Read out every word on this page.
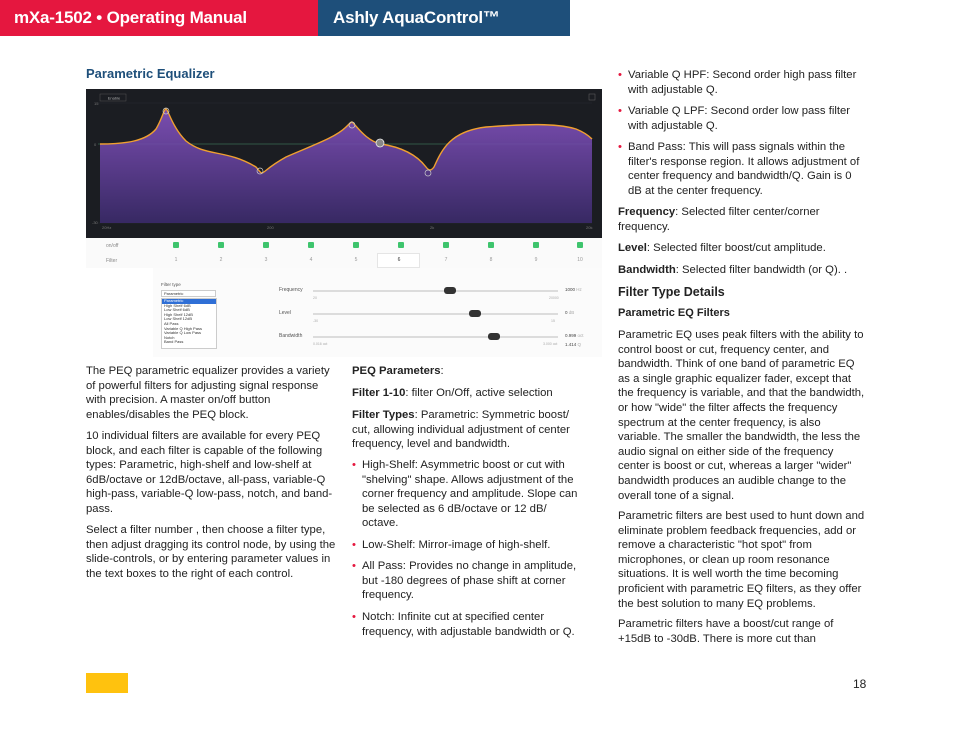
mXa-1502 • Operating Manual	Ashly AquaControl™ Software
Parametric Equalizer
Enable
15
0
-30
20Hz	200	2k	20k
on/off
Filter	1	2	3	4	5	6	7	8	9	10
Filter type
Parametric
Parametric
High Shelf 6dB
Low Shelf 6dB
High Shelf 12dB
Low Shelf 12dB
All Pass
Variable Q High Pass
Variable Q Low Pass
Notch
Band Pass
Frequency
20	20000
1000 Hz
Level
-30	15
0 dB
Bandwidth
0.016 oct	3.000 oct
0.999 oct
1.414 Q

The PEQ parametric equalizer provides a variety of powerful filters for adjusting signal response with precision. A master on/off button enables/disables the PEQ block.

10 individual filters are available for every PEQ block, and each filter is capable of the following types: Parametric, high-shelf and low-shelf at 6dB/octave or 12dB/octave, all-pass, variable-Q high-pass, variable-Q low-pass, notch, and band-pass.

Select a filter number , then choose a filter type, then adjust dragging its control node, by using the slide-controls, or by entering parameter values in the text boxes to the right of each control.

PEQ Parameters:

Filter 1-10: filter On/Off, active selection

Filter Types: Parametric: Symmetric boost/ cut, allowing individual adjustment of center frequency, level and bandwidth.

• High-Shelf: Asymmetric boost or cut with "shelving" shape. Allows adjustment of the corner frequency and amplitude. Slope can be selected as 6 dB/octave or 12 dB/ octave.
• Low-Shelf: Mirror-image of high-shelf.
• All Pass: Provides no change in amplitude, but -180 degrees of phase shift at corner frequency.
• Notch: Infinite cut at specified center frequency, with adjustable bandwidth or Q.
• Variable Q HPF: Second order high pass filter with adjustable Q.
• Variable Q LPF: Second order low pass filter with adjustable Q.
• Band Pass: This will pass signals within the filter's response region. It allows adjustment of center frequency and bandwidth/Q. Gain is 0 dB at the center frequency.

Frequency: Selected filter center/corner frequency.

Level: Selected filter boost/cut amplitude.

Bandwidth: Selected filter bandwidth (or Q). .

Filter Type Details
Parametric EQ Filters

Parametric EQ uses peak filters with the ability to control boost or cut, frequency center, and bandwidth. Think of one band of parametric EQ as a single graphic equalizer fader, except that the frequency is variable, and that the bandwidth, or how "wide" the filter affects the frequency spectrum at the center frequency, is also variable. The smaller the bandwidth, the less the audio signal on either side of the frequency center is boost or cut, whereas a larger "wider" bandwidth produces an audible change to the overall tone of a signal.

Parametric filters are best used to hunt down and eliminate problem feedback frequencies, add or remove a characteristic "hot spot" from microphones, or clean up room resonance situations. It is well worth the time becoming proficient with parametric EQ filters, as they offer the best solution to many EQ problems.

Parametric filters have a boost/cut range of +15dB to -30dB. There is more cut than

18
